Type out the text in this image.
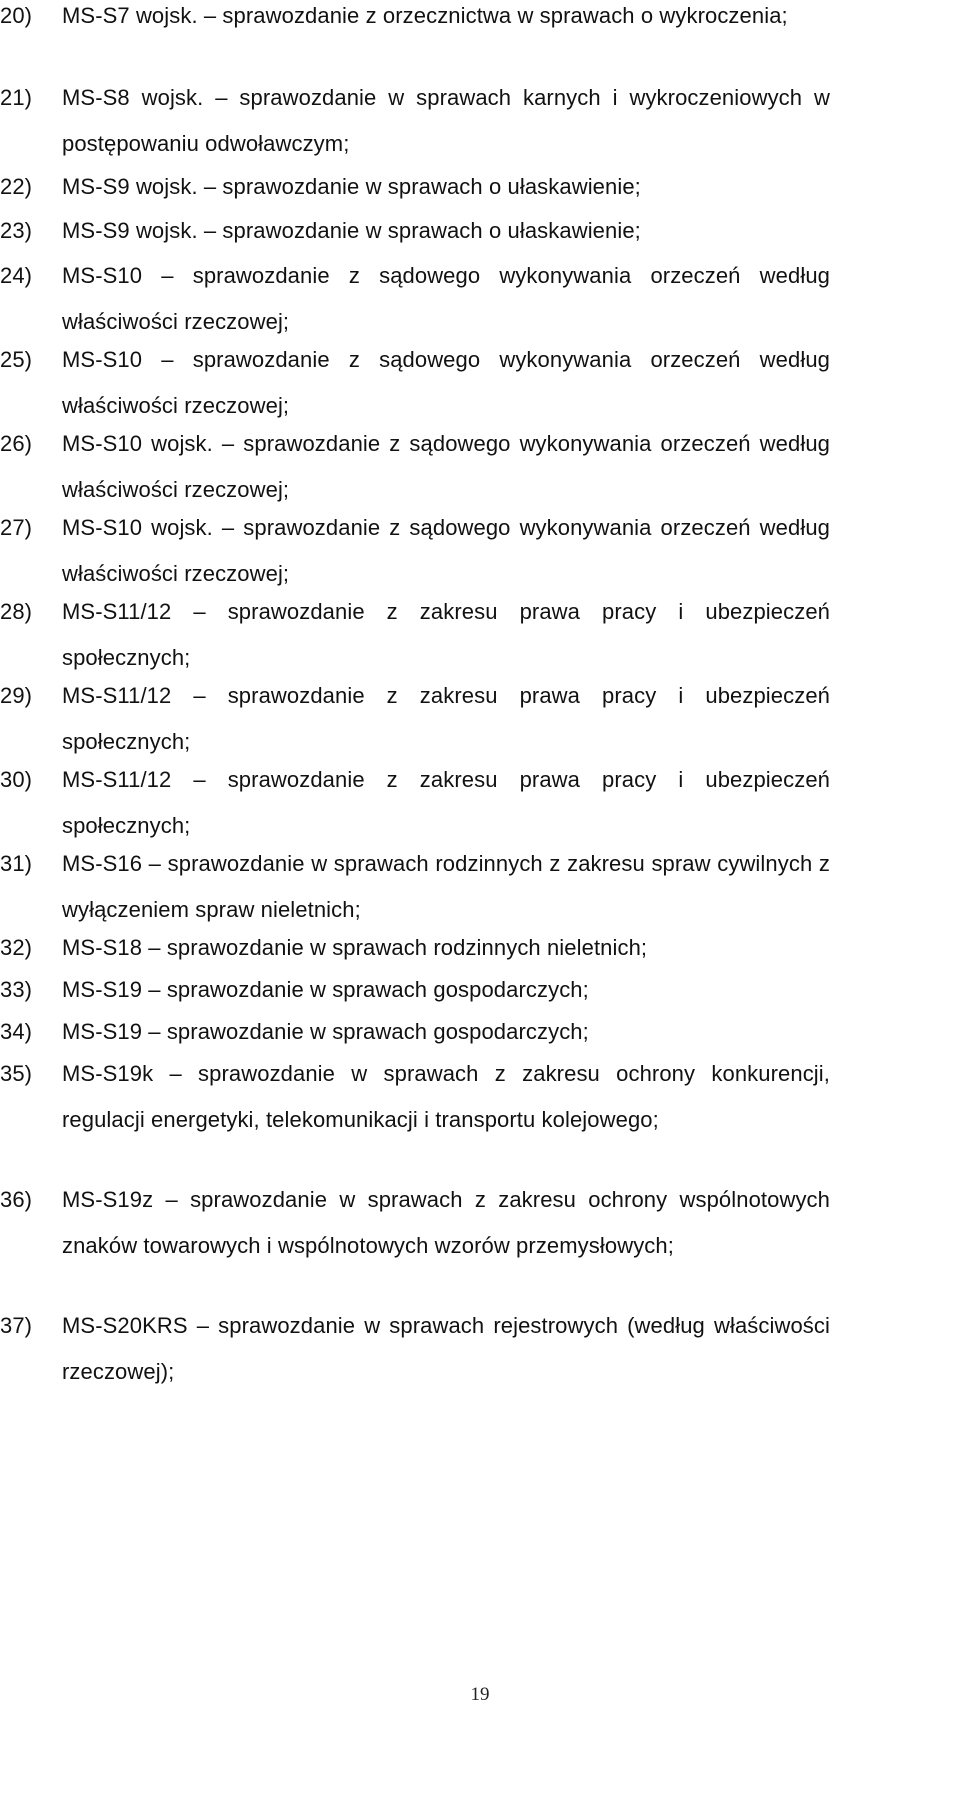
20)	MS-S7 wojsk. – sprawozdanie z orzecznictwa w sprawach o wykroczenia;
21)	MS-S8 wojsk. – sprawozdanie w sprawach karnych i wykroczeniowych w postępowaniu odwoławczym;
22)	MS-S9 wojsk. – sprawozdanie w sprawach o ułaskawienie;
23)	MS-S9 wojsk. – sprawozdanie w sprawach o ułaskawienie;
24)	MS-S10 – sprawozdanie z sądowego wykonywania orzeczeń według właściwości rzeczowej;
25)	MS-S10 – sprawozdanie z sądowego wykonywania orzeczeń według właściwości rzeczowej;
26)	MS-S10 wojsk. – sprawozdanie z sądowego wykonywania orzeczeń według właściwości rzeczowej;
27)	MS-S10 wojsk. – sprawozdanie z sądowego wykonywania orzeczeń według właściwości rzeczowej;
28)	MS-S11/12 – sprawozdanie z zakresu prawa pracy i ubezpieczeń społecznych;
29)	MS-S11/12 – sprawozdanie z zakresu prawa pracy i ubezpieczeń społecznych;
30)	MS-S11/12 – sprawozdanie z zakresu prawa pracy i ubezpieczeń społecznych;
31)	MS-S16 – sprawozdanie w sprawach rodzinnych z zakresu spraw cywilnych z wyłączeniem spraw nieletnich;
32)	MS-S18 – sprawozdanie w sprawach rodzinnych nieletnich;
33)	MS-S19 – sprawozdanie w sprawach gospodarczych;
34)	MS-S19 – sprawozdanie w sprawach gospodarczych;
35)	MS-S19k – sprawozdanie w sprawach z zakresu ochrony konkurencji, regulacji energetyki, telekomunikacji i transportu kolejowego;
36)	MS-S19z – sprawozdanie w sprawach z zakresu ochrony wspólnotowych znaków towarowych i wspólnotowych wzorów przemysłowych;
37)	MS-S20KRS – sprawozdanie w sprawach rejestrowych (według właściwości rzeczowej);
19
